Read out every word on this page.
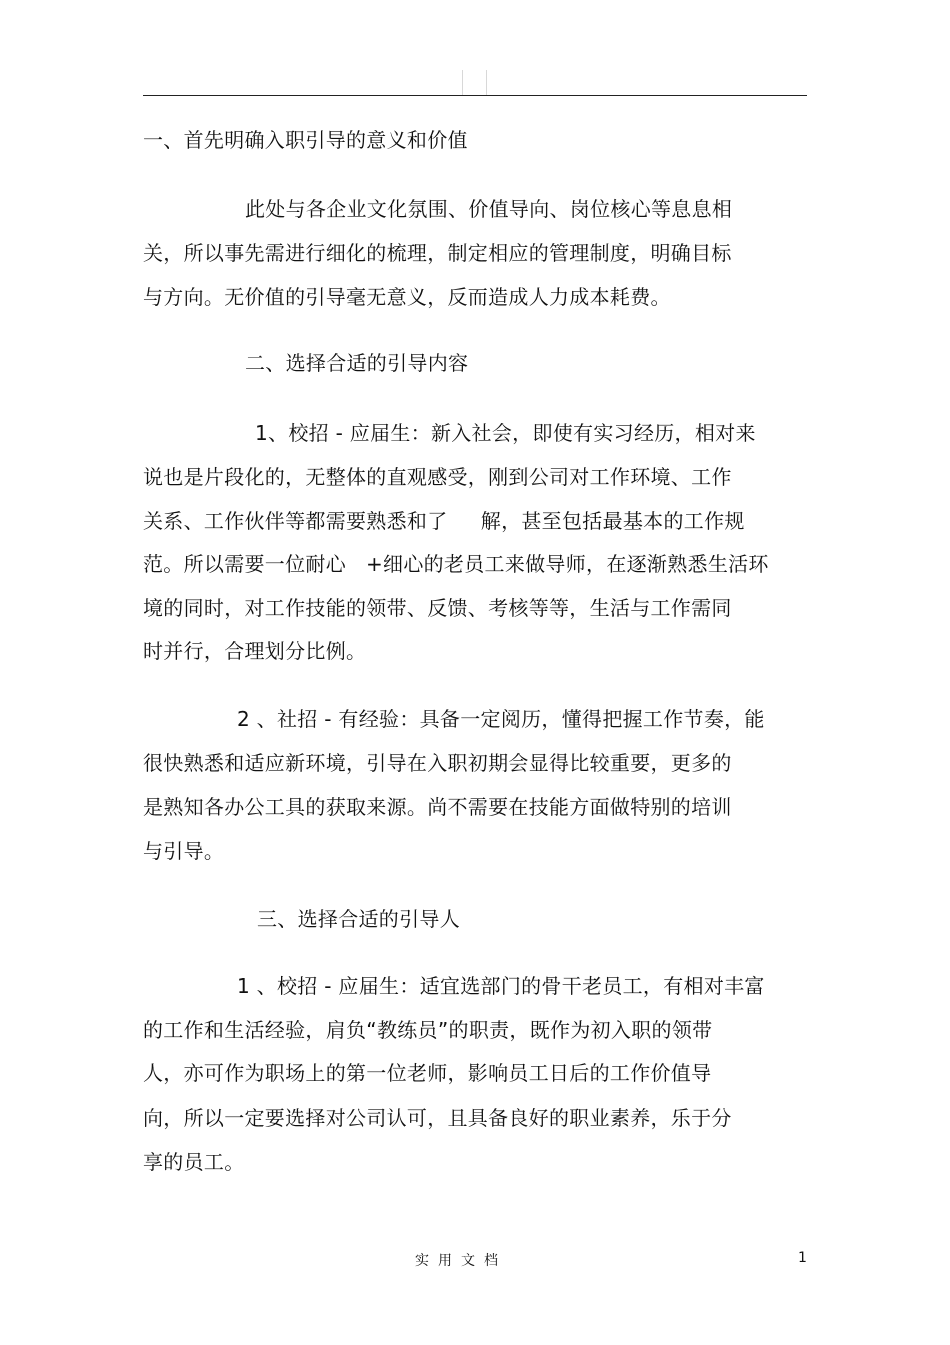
一、首先明确入职引导的意义和价值
此处与各企业文化氛围、价值导向、岗位核心等息息相
关，所以事先需进行细化的梳理，制定相应的管理制度，明确目标
与方向。无价值的引导毫无意义，反而造成人力成本耗费。
二、选择合适的引导内容
1、校招 - 应届生：新入社会，即使有实习经历，相对来
说也是片段化的，无整体的直观感受，刚到公司对工作环境、工作
关系、工作伙伴等都需要熟悉和了     解，甚至包括最基本的工作规
范。所以需要一位耐心   +细心的老员工来做导师，在逐渐熟悉生活环
境的同时，对工作技能的领带、反馈、考核等等，生活与工作需同
时并行，合理划分比例。
2 、社招 - 有经验：具备一定阅历，懂得把握工作节奏，能
很快熟悉和适应新环境，引导在入职初期会显得比较重要，更多的
是熟知各办公工具的获取来源。尚不需要在技能方面做特别的培训
与引导。
三、选择合适的引导人
1 、校招 - 应届生：适宜选部门的骨干老员工，有相对丰富
的工作和生活经验，肩负“教练员”的职责，既作为初入职的领带
人，亦可作为职场上的第一位老师，影响员工日后的工作价值导
向，所以一定要选择对公司认可，且具备良好的职业素养，乐于分
享的员工。
实用文档	1
